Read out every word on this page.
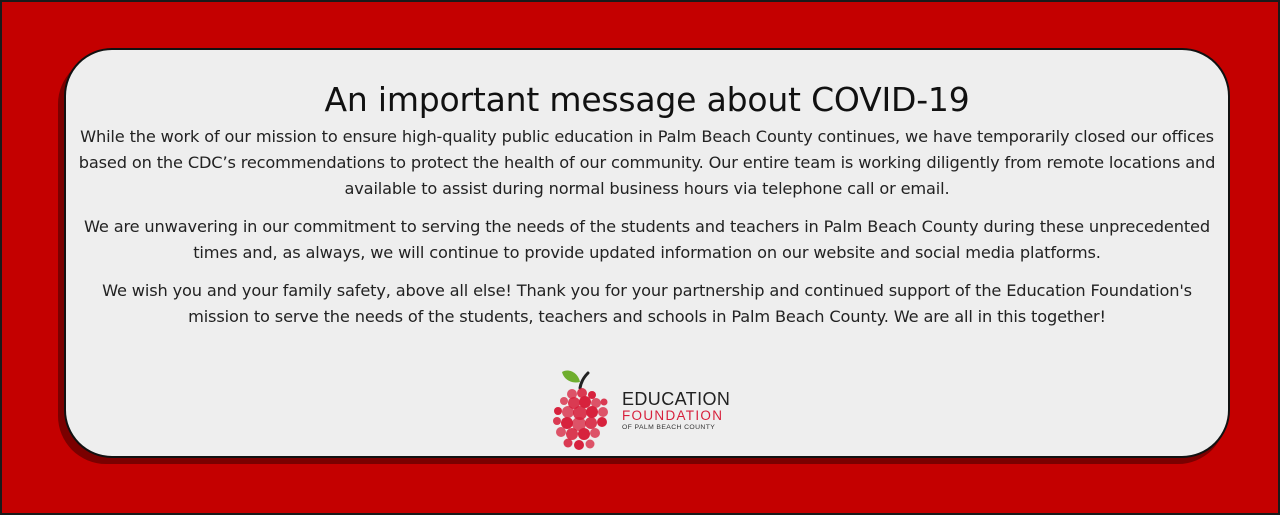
An important message about COVID-19

While the work of our mission to ensure high-quality public education in Palm Beach County continues, we have temporarily closed our offices based on the CDC’s recommendations to protect the health of our community. Our entire team is working diligently from remote locations and available to assist during normal business hours via telephone call or email.

We are unwavering in our commitment to serving the needs of the students and teachers in Palm Beach County during these unprecedented times and, as always, we will continue to provide updated information on our website and social media platforms.

We wish you and your family safety, above all else! Thank you for your partnership and continued support of the Education Foundation's mission to serve the needs of the students, teachers and schools in Palm Beach County. We are all in this together!

EDUCATION
FOUNDATION
OF PALM BEACH COUNTY
